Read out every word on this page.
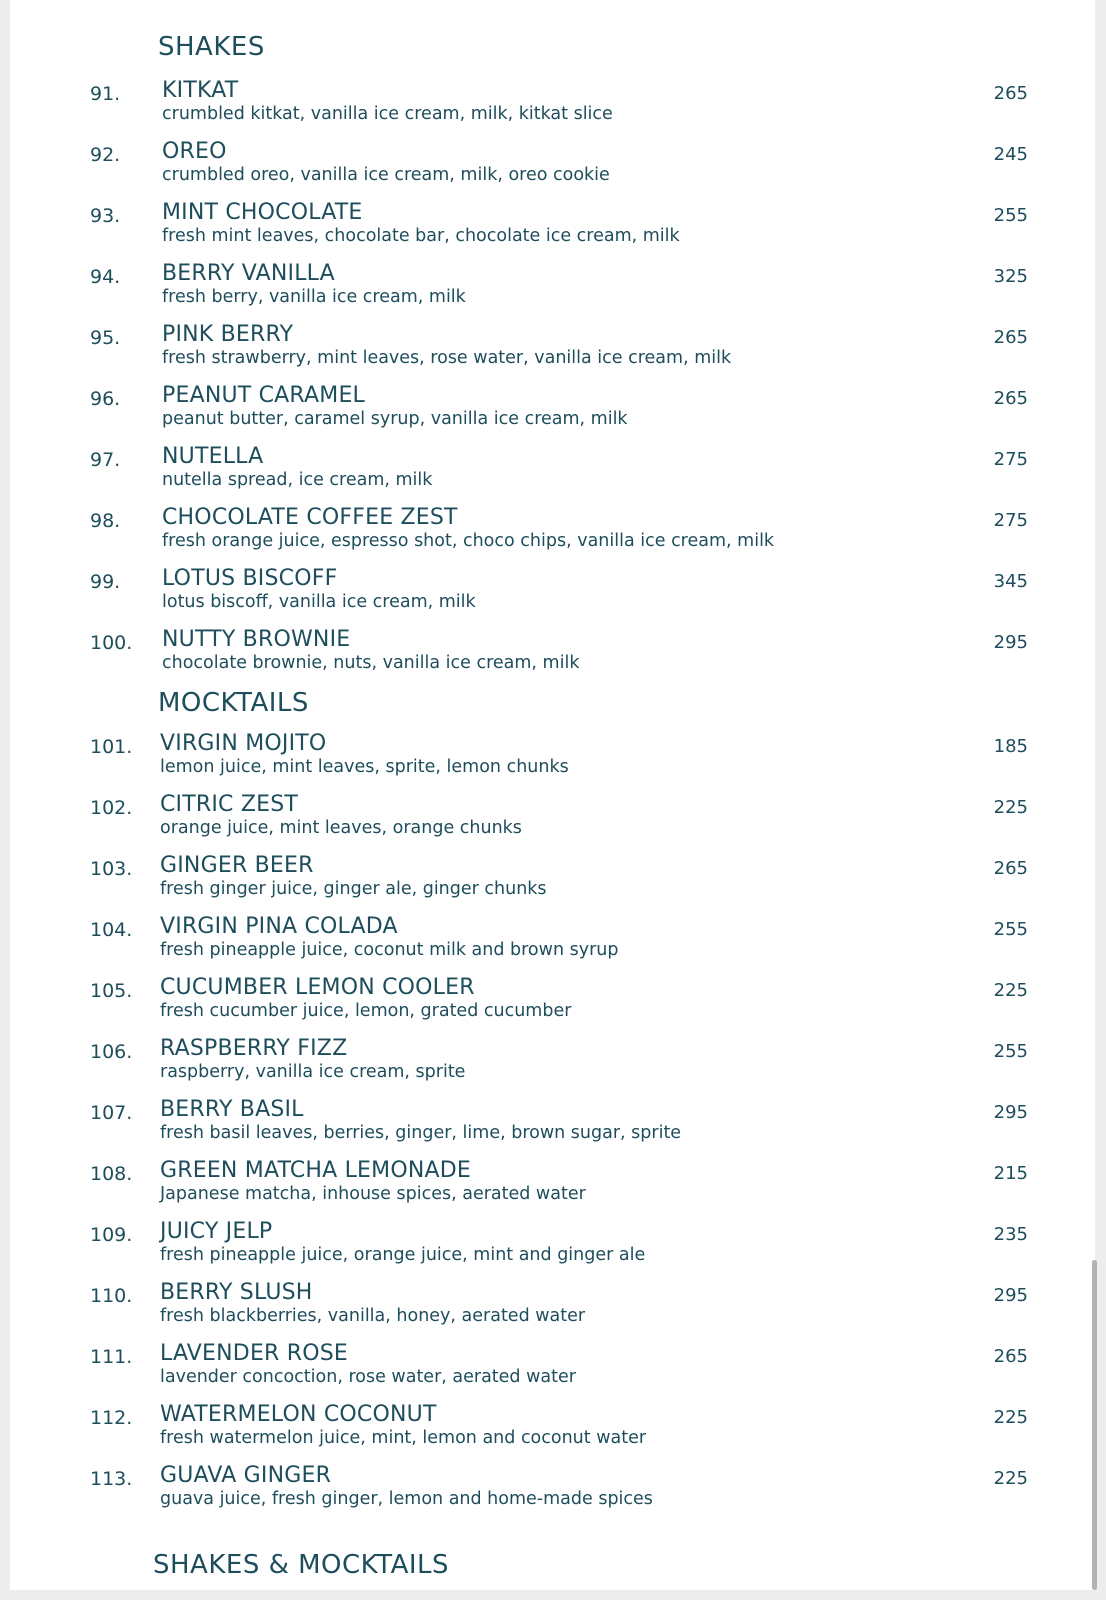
SHAKES
91. KITKAT
crumbled kitkat, vanilla ice cream, milk, kitkat slice
265
92. OREO
crumbled oreo, vanilla ice cream, milk, oreo cookie
245
93. MINT CHOCOLATE
fresh mint leaves, chocolate bar, chocolate ice cream, milk
255
94. BERRY VANILLA
fresh berry, vanilla ice cream, milk
325
95. PINK BERRY
fresh strawberry, mint leaves, rose water, vanilla ice cream, milk
265
96. PEANUT CARAMEL
peanut butter, caramel syrup, vanilla ice cream, milk
265
97. NUTELLA
nutella spread, ice cream, milk
275
98. CHOCOLATE COFFEE ZEST
fresh orange juice, espresso shot, choco chips, vanilla ice cream, milk
275
99. LOTUS BISCOFF
lotus biscoff, vanilla ice cream, milk
345
100. NUTTY BROWNIE
chocolate brownie, nuts, vanilla ice cream, milk
295
MOCKTAILS
101. VIRGIN MOJITO
lemon juice, mint leaves, sprite, lemon chunks
185
102. CITRIC ZEST
orange juice, mint leaves, orange chunks
225
103. GINGER BEER
fresh ginger juice, ginger ale, ginger chunks
265
104. VIRGIN PINA COLADA
fresh pineapple juice, coconut milk and brown syrup
255
105. CUCUMBER LEMON COOLER
fresh cucumber juice, lemon, grated cucumber
225
106. RASPBERRY FIZZ
raspberry, vanilla ice cream, sprite
255
107. BERRY BASIL
fresh basil leaves, berries, ginger, lime, brown sugar, sprite
295
108. GREEN MATCHA LEMONADE
Japanese matcha, inhouse spices, aerated water
215
109. JUICY JELP
fresh pineapple juice, orange juice, mint and ginger ale
235
110. BERRY SLUSH
fresh blackberries, vanilla, honey, aerated water
295
111. LAVENDER ROSE
lavender concoction, rose water, aerated water
265
112. WATERMELON COCONUT
fresh watermelon juice, mint, lemon and coconut water
225
113. GUAVA GINGER
guava juice, fresh ginger, lemon and home-made spices
225
SHAKES & MOCKTAILS
